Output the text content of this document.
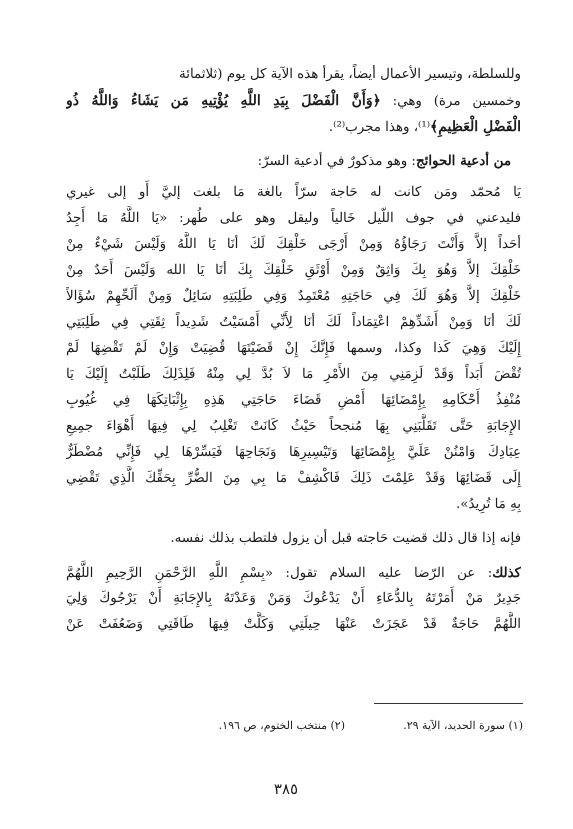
وللسلطة، وتيسير الأعمال أيضاً، يقرأ هذه الآية كل يوم (ثلاثمائة
وخمسين مرة) وهي: ﴿وَأَنَّ الْفَضْلَ بِيَدِ اللَّهِ يُؤْتِيهِ مَن يَشَاءُ وَاللَّهُ ذُو
الْفَضْلِ الْعَظِيمِ﴾⁽¹⁾، وهذا مجرب⁽²⁾.
من أدعية الحوائج: وهو مذكورٌ في أدعية السرّ:
يَا مُحمّد ومَن كانت له حَاجة سرّاً بالغة مَا بلغت إليَّ أَو إلى غيري
فليدعني في جوف اللّيل خَالياً وليقل وهو على طُهر: «يَا اللَّهُ مَا أَجِدُ
أحَداً إلاَّ وَأَنْتَ رَجَاؤُهُ وَمِنْ أَرْجَى خَلْقِكَ لَكَ أنَا يَا اللَّهُ وَلَيْسَ شَيْءٌ مِنْ
خَلْقِكَ إلاَّ وَهُوَ بِكَ وَاثِقٌ وَمِنْ أَوْثَقِ خَلْقِكَ بِكَ أنَا يَا الله وَلَيْسَ أَحَدٌ مِنْ
خَلْقِكَ إلاَّ وَهُوَ لَكَ فِي حَاجَتِهِ مُعْتَمِدٌ وَفِي طَلِبَتِهِ سَائِلٌ وَمِنْ أَلَحِّهِمْ سُؤَالاً
لَكَ أنَا وَمِنْ أَشَدِّهِمْ اعْتِمَاداً لَكَ أنَا لِأَنِّي أَمْسَيْتُ شَدِيداً ثِقَتِي فِي طَلِبَتِي
إِلَيْكَ وَهِيَ كَذا وكذا، وسمها فَإِنَّكَ إِنْ قَضَيْتَهَا قُضِيَتْ وَإِنْ لَمْ تَقْضِهَا لَمْ
تُقْضَ أَبَداً وَقَدْ لَزِمَنِي مِنَ الأَمْرِ مَا لاَ بُدَّ لِي مِنْهُ فَلِذَلِكَ طَلَبْتُ إِلَيْكَ يَا
مُنْفِذُ أَحْكَامِهِ بِإِمْضَائِهَا أَمْضِ قَضَاءَ حَاجَتِي هَذِهِ بِإِثْبَاتِكَهَا فِي غُيُوبِ
الإِجَابَةِ حَتَّى تَقَلَّبَنِي بِهَا مُنجحاً حَيْثُ كَانَتْ تَغْلِبُ لِي فِيهَا أَهْوَاءَ جمِيعِ
عِبَادِكَ وَامْنُنْ عَلَيَّ بِإِمْضَائِهَا وَتَيْسِيرِهَا وَنَجَاحِهَا فَيَسِّرْهَا لِي فَإِنِّي مُضْطَرٌّ
إِلَى قَضَائِهَا وَقَدْ عَلِمْتَ ذَلِكَ فَاكْشِفْ مَا بِي مِنَ الضُّرِّ بِحَقِّكَ الَّذِي تَقْضِي
بِهِ مَا تُرِيدُ».
فإنه إذا قال ذلك قضيت حَاجته قبل أن يزول فلتطب بذلك نفسه.
كذلك: عن الرّضا عليه السلام تقول: «بِسْمِ اللَّهِ الرَّحْمَنِ الرَّحِيمِ اللَّهُمَّ
جَدِيرٌ مَنْ أَمَرْتَهُ بِالدُّعَاءِ أَنْ يَدْعُوكَ وَمَنْ وَعَدْتَهُ بِالإِجَابَةِ أَنْ يَرْجُوكَ وَلِيَ
اللَّهُمَّ حَاجَةٌ قَدْ عَجَزَتْ عَنْهَا حِيلَتِي وَكَلَّتْ فِيهَا طَاقَتِي وَضَعُفَتْ عَنْ
(١) سورة الحديد، الآية ٢٩.
(٢) منتخب الختوم، ص ١٩٦.
٣٨٥
